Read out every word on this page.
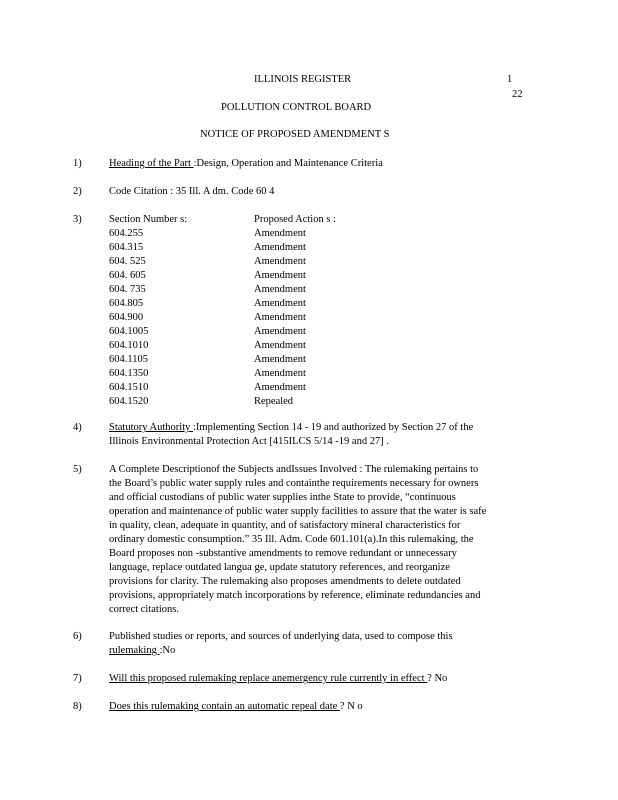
ILLINOIS REGISTER	1
22
POLLUTION CONTROL BOARD
NOTICE OF PROPOSED AMENDMENT S
1)	Heading of the Part :Design, Operation and Maintenance Criteria
2)	Code Citation : 35 Ill. A dm. Code 60 4
3)	Section Number s:	Proposed Action s :
604.255	Amendment
604.315	Amendment
604. 525	Amendment
604. 605	Amendment
604. 735	Amendment
604.805	Amendment
604.900	Amendment
604.1005	Amendment
604.1010	Amendment
604.1105	Amendment
604.1350	Amendment
604.1510	Amendment
604.1520	Repealed
4)	Statutory Authority :Implementing Section 14 - 19 and authorized by Section 27 of the
Illinois Environmental Protection Act [415ILCS 5/14 -19 and 27] .
5)	A Complete Descriptionof the Subjects andIssues Involved : The rulemaking pertains to
the Board’s public water supply rules and containthe requirements necessary for owners
and official custodians of public water supplies inthe State to provide, “continuous
operation and maintenance of public water supply facilities to assure that the water is safe
in quality, clean, adequate in quantity, and of satisfactory mineral characteristics for
ordinary domestic consumption.” 35 Ill. Adm. Code 601.101(a).In this rulemaking, the
Board proposes non -substantive amendments to remove redundant or unnecessary
language, replace outdated langua ge, update statutory references, and reorganize
provisions for clarity. The rulemaking also proposes amendments to delete outdated
provisions, appropriately match incorporations by reference, eliminate redundancies and
correct citations.
6)	Published studies or reports, and sources of underlying data, used to compose this
rulemaking :No
7)	Will this proposed rulemaking replace anemergency rule currently in effect ? No
8)	Does this rulemaking contain an automatic repeal date ? N o
